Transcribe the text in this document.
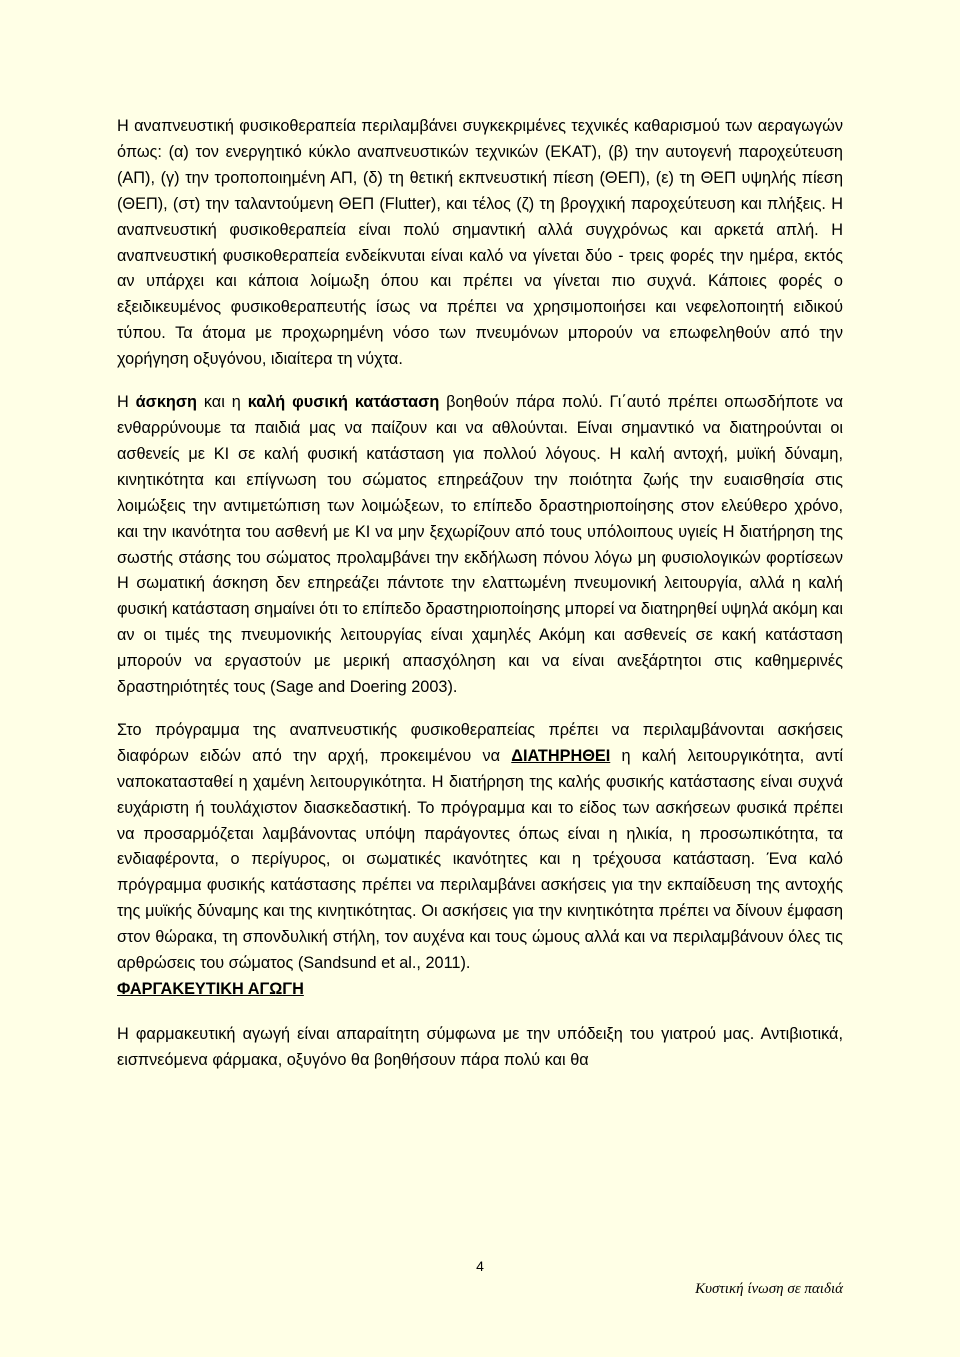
Η αναπνευστική φυσικοθεραπεία περιλαμβάνει συγκεκριμένες τεχνικές καθαρισμού των αεραγωγών όπως: (α) τον ενεργητικό κύκλο αναπνευστικών τεχνικών (ΕΚΑΤ), (β) την αυτογενή παροχεύτευση (ΑΠ), (γ) την τροποποιημένη ΑΠ, (δ) τη θετική εκπνευστική πίεση (ΘΕΠ), (ε) τη ΘΕΠ υψηλής πίεση (ΘΕΠ), (στ) την ταλαντούμενη ΘΕΠ (Flutter), και τέλος (ζ) τη βρογχική παροχεύτευση και πλήξεις. Η αναπνευστική φυσικοθεραπεία είναι πολύ σημαντική αλλά συγχρόνως και αρκετά απλή. Η αναπνευστική φυσικοθεραπεία ενδείκνυται είναι καλό να γίνεται δύο - τρεις φορές την ημέρα, εκτός αν υπάρχει και κάποια λοίμωξη όπου και πρέπει να γίνεται πιο συχνά. Κάποιες φορές ο εξειδικευμένος φυσικοθεραπευτής ίσως να πρέπει να χρησιμοποιήσει και νεφελοποιητή ειδικού τύπου. Τα άτομα με προχωρημένη νόσο των πνευμόνων μπορούν να επωφεληθούν από την χορήγηση οξυγόνου, ιδιαίτερα τη νύχτα.

Η άσκηση και η καλή φυσική κατάσταση βοηθούν πάρα πολύ. Γι΄αυτό πρέπει οπωσδήποτε να ενθαρρύνουμε τα παιδιά μας να παίζουν και να αθλούνται. Είναι σημαντικό να διατηρούνται οι ασθενείς με ΚΙ σε καλή φυσική κατάσταση για πολλού λόγους. Η καλή αντοχή, μυϊκή δύναμη, κινητικότητα και επίγνωση του σώματος επηρεάζουν την ποιότητα ζωής την ευαισθησία στις λοιμώξεις την αντιμετώπιση των λοιμώξεων, το επίπεδο δραστηριοποίησης στον ελεύθερο χρόνο, και την ικανότητα του ασθενή με ΚΙ να μην ξεχωρίζουν από τους υπόλοιπους υγιείς Η διατήρηση της σωστής στάσης του σώματος προλαμβάνει την εκδήλωση πόνου λόγω μη φυσιολογικών φορτίσεων Η σωματική άσκηση δεν επηρεάζει πάντοτε την ελαττωμένη πνευμονική λειτουργία, αλλά η καλή φυσική κατάσταση σημαίνει ότι το επίπεδο δραστηριοποίησης μπορεί να διατηρηθεί υψηλά ακόμη και αν οι τιμές της πνευμονικής λειτουργίας είναι χαμηλές Ακόμη και ασθενείς σε κακή κατάσταση μπορούν να εργαστούν με μερική απασχόληση και να είναι ανεξάρτητοι στις καθημερινές δραστηριότητές τους (Sage and Doering 2003).

Στο πρόγραμμα της αναπνευστικής φυσικοθεραπείας πρέπει να περιλαμβάνονται ασκήσεις διαφόρων ειδών από την αρχή, προκειμένου να ΔΙΑΤΗΡΗΘΕΙ η καλή λειτουργικότητα, αντί ναποκατασταθεί η χαμένη λειτουργικότητα. Η διατήρηση της καλής φυσικής κατάστασης είναι συχνά ευχάριστη ή τουλάχιστον διασκεδαστική. Το πρόγραμμα και το είδος των ασκήσεων φυσικά πρέπει να προσαρμόζεται λαμβάνοντας υπόψη παράγοντες όπως είναι η ηλικία, η προσωπικότητα, τα ενδιαφέροντα, ο περίγυρος, οι σωματικές ικανότητες και η τρέχουσα κατάσταση. Ένα καλό πρόγραμμα φυσικής κατάστασης πρέπει να περιλαμβάνει ασκήσεις για την εκπαίδευση της αντοχής της μυϊκής δύναμης και της κινητικότητας. Οι ασκήσεις για την κινητικότητα πρέπει να δίνουν έμφαση στον θώρακα, τη σπονδυλική στήλη, τον αυχένα και τους ώμους αλλά και να περιλαμβάνουν όλες τις αρθρώσεις του σώματος (Sandsund et al., 2011).

ΦΑΡΓΑΚΕΥΤΙΚΗ ΑΓΩΓΗ

Η φαρμακευτική αγωγή είναι απαραίτητη σύμφωνα με την υπόδειξη του γιατρού μας. Αντιβιοτικά, εισπνεόμενα φάρμακα, οξυγόνο θα βοηθήσουν πάρα πολύ και θα

4
Κυστική ίνωση σε παιδιά
